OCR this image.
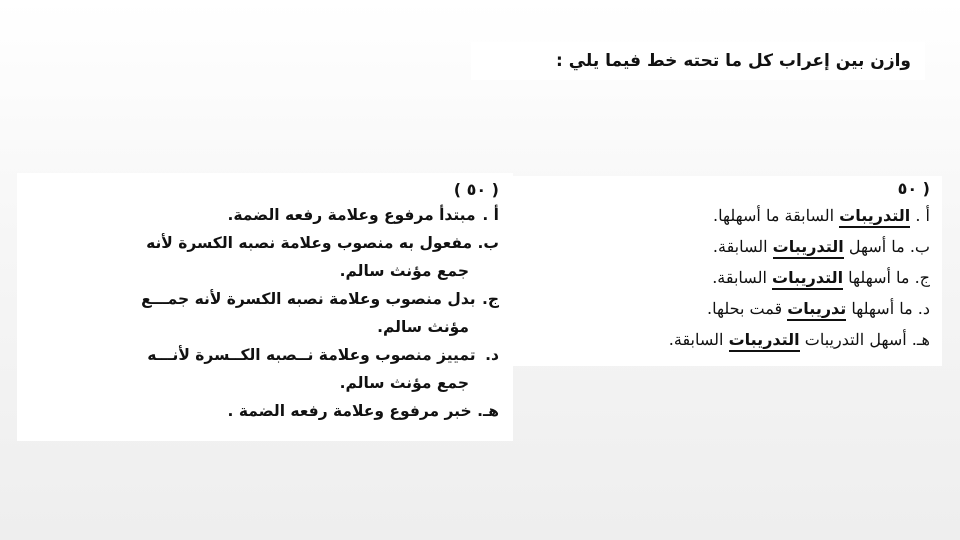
وازن بين إعراب كل ما تحته خط فيما يلي :
( ٥٠ )
أ . مبتدأ مرفوع وعلامة رفعه الضمة.
ب. مفعول به منصوب وعلامة نصبه الكسرة لأنه
جمع مؤنث سالم.
ج. بدل منصوب وعلامة نصبه الكسرة لأنه جمـــع
مؤنث سالم.
د. تمييز منصوب وعلامة نــصبه الكــسرة لأنـــه
جمع مؤنث سالم.
هـ. خبر مرفوع وعلامة رفعه الضمة .
( ٥٠
أ . التدريبات السابقة ما أسهلها.
ب. ما أسهل التدريبات السابقة.
ج. ما أسهلها التدريبات السابقة.
د. ما أسهلها تدريبات قمت بحلها.
هـ. أسهل التدريبات التدريبات السابقة.
